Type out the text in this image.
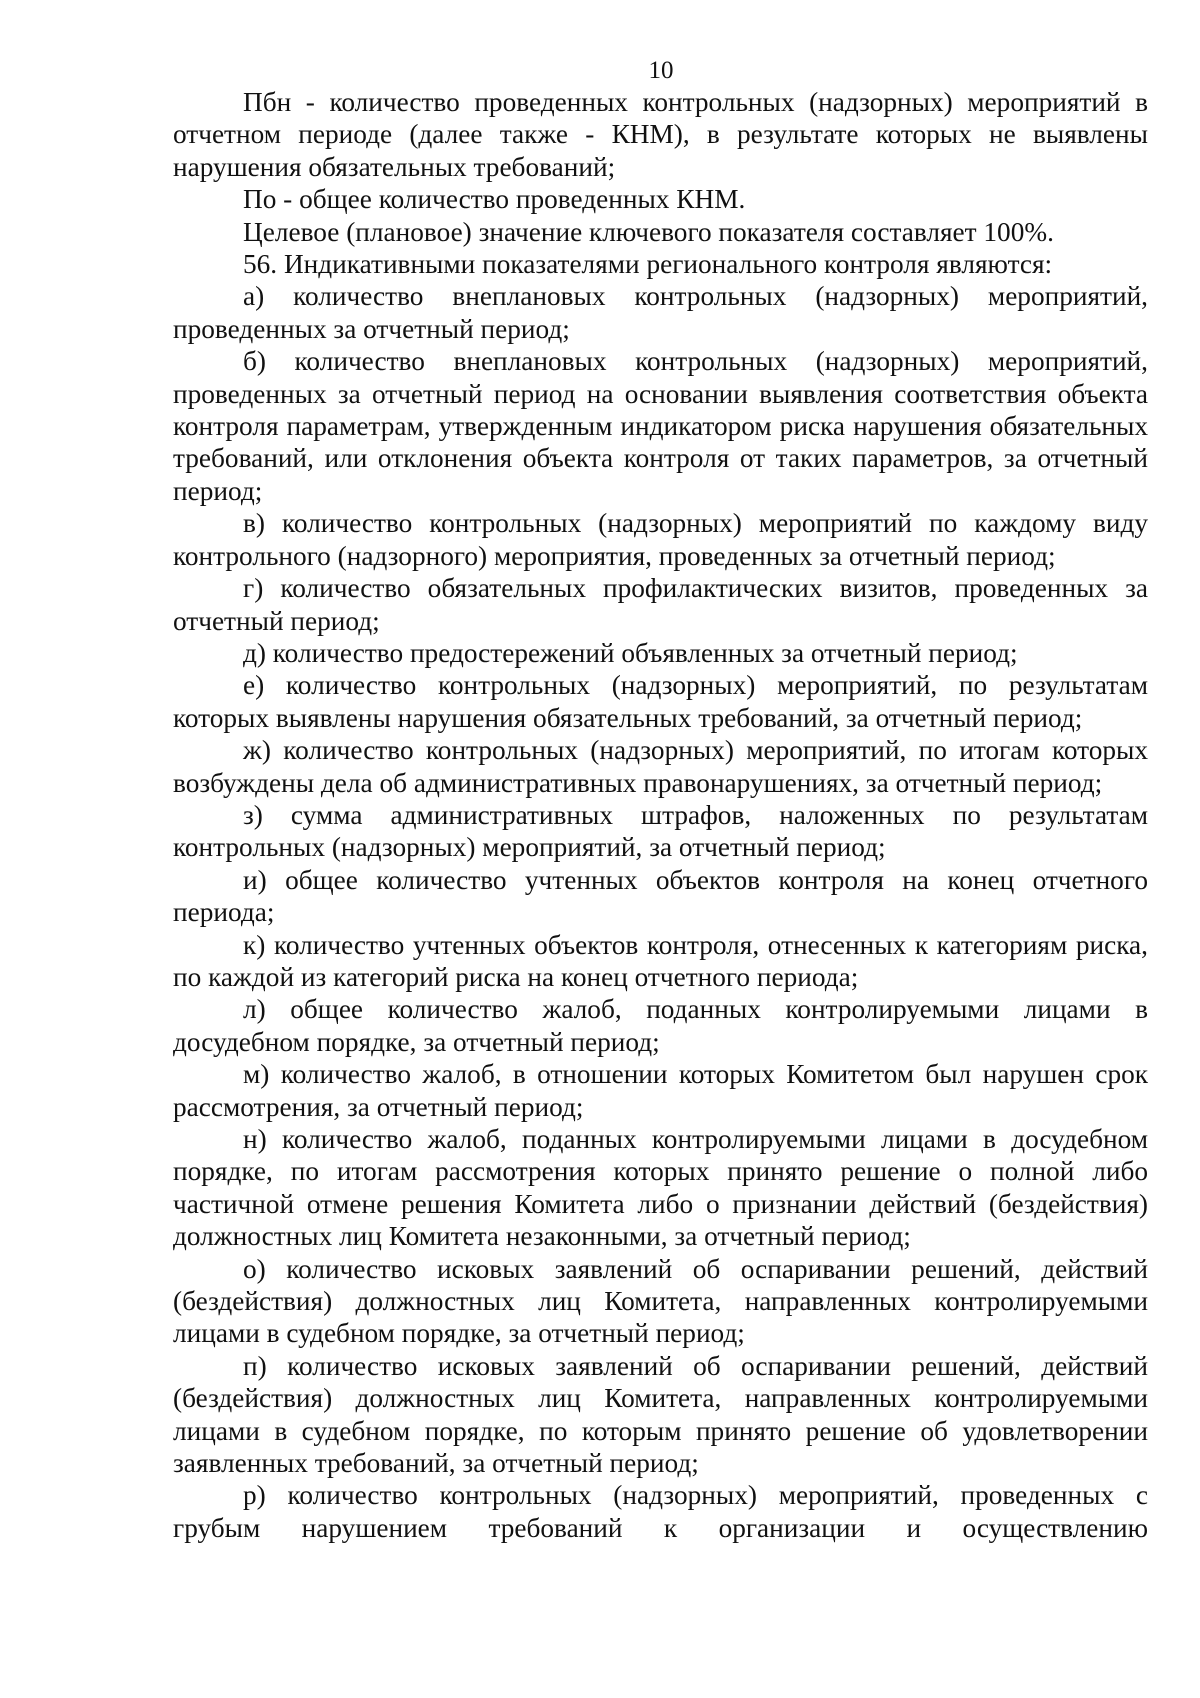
10

Пбн - количество проведенных контрольных (надзорных) мероприятий в отчетном периоде (далее также - КНМ), в результате которых не выявлены нарушения обязательных требований;

По - общее количество проведенных КНМ.

Целевое (плановое) значение ключевого показателя составляет 100%.

56. Индикативными показателями регионального контроля являются:

а) количество внеплановых контрольных (надзорных) мероприятий, проведенных за отчетный период;

б) количество внеплановых контрольных (надзорных) мероприятий, проведенных за отчетный период на основании выявления соответствия объекта контроля параметрам, утвержденным индикатором риска нарушения обязательных требований, или отклонения объекта контроля от таких параметров, за отчетный период;

в) количество контрольных (надзорных) мероприятий по каждому виду контрольного (надзорного) мероприятия, проведенных за отчетный период;

г) количество обязательных профилактических визитов, проведенных за отчетный период;

д) количество предостережений объявленных за отчетный период;

е) количество контрольных (надзорных) мероприятий, по результатам которых выявлены нарушения обязательных требований, за отчетный период;

ж) количество контрольных (надзорных) мероприятий, по итогам которых возбуждены дела об административных правонарушениях, за отчетный период;

з) сумма административных штрафов, наложенных по результатам контрольных (надзорных) мероприятий, за отчетный период;

и) общее количество учтенных объектов контроля на конец отчетного периода;

к) количество учтенных объектов контроля, отнесенных к категориям риска, по каждой из категорий риска на конец отчетного периода;

л) общее количество жалоб, поданных контролируемыми лицами в досудебном порядке, за отчетный период;

м) количество жалоб, в отношении которых Комитетом был нарушен срок рассмотрения, за отчетный период;

н) количество жалоб, поданных контролируемыми лицами в досудебном порядке, по итогам рассмотрения которых принято решение о полной либо частичной отмене решения Комитета либо о признании действий (бездействия) должностных лиц Комитета незаконными, за отчетный период;

о) количество исковых заявлений об оспаривании решений, действий (бездействия) должностных лиц Комитета, направленных контролируемыми лицами в судебном порядке, за отчетный период;

п) количество исковых заявлений об оспаривании решений, действий (бездействия) должностных лиц Комитета, направленных контролируемыми лицами в судебном порядке, по которым принято решение об удовлетворении заявленных требований, за отчетный период;

р) количество контрольных (надзорных) мероприятий, проведенных с грубым нарушением требований к организации и осуществлению
